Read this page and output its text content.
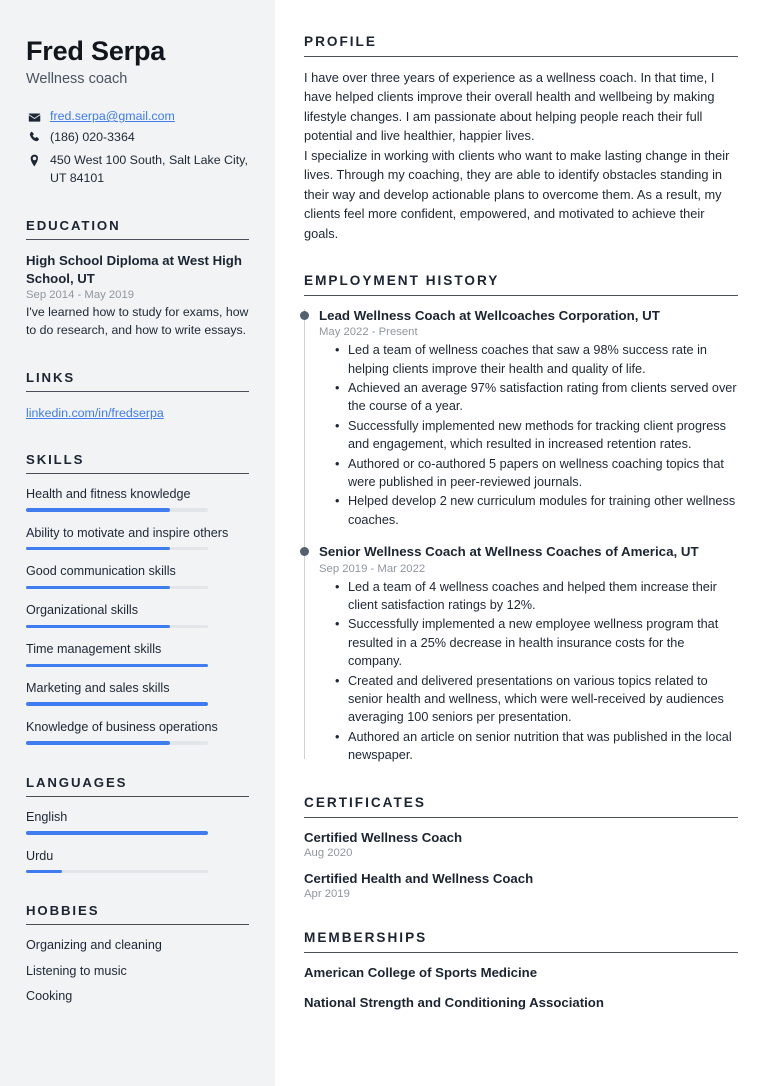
Fred Serpa
Wellness coach
fred.serpa@gmail.com
(186) 020-3364
450 West 100 South, Salt Lake City, UT 84101
EDUCATION
High School Diploma at West High School, UT
Sep 2014 - May 2019
I've learned how to study for exams, how to do research, and how to write essays.
LINKS
linkedin.com/in/fredserpa
SKILLS
Health and fitness knowledge
Ability to motivate and inspire others
Good communication skills
Organizational skills
Time management skills
Marketing and sales skills
Knowledge of business operations
LANGUAGES
English
Urdu
HOBBIES
Organizing and cleaning
Listening to music
Cooking
PROFILE

I have over three years of experience as a wellness coach. In that time, I have helped clients improve their overall health and wellbeing by making lifestyle changes. I am passionate about helping people reach their full potential and live healthier, happier lives.

I specialize in working with clients who want to make lasting change in their lives. Through my coaching, they are able to identify obstacles standing in their way and develop actionable plans to overcome them. As a result, my clients feel more confident, empowered, and motivated to achieve their goals.

EMPLOYMENT HISTORY
Lead Wellness Coach at Wellcoaches Corporation, UT
May 2022 - Present
• Led a team of wellness coaches that saw a 98% success rate in helping clients improve their health and quality of life.
• Achieved an average 97% satisfaction rating from clients served over the course of a year.
• Successfully implemented new methods for tracking client progress and engagement, which resulted in increased retention rates.
• Authored or co-authored 5 papers on wellness coaching topics that were published in peer-reviewed journals.
• Helped develop 2 new curriculum modules for training other wellness coaches.
Senior Wellness Coach at Wellness Coaches of America, UT
Sep 2019 - Mar 2022
• Led a team of 4 wellness coaches and helped them increase their client satisfaction ratings by 12%.
• Successfully implemented a new employee wellness program that resulted in a 25% decrease in health insurance costs for the company.
• Created and delivered presentations on various topics related to senior health and wellness, which were well-received by audiences averaging 100 seniors per presentation.
• Authored an article on senior nutrition that was published in the local newspaper.
CERTIFICATES
Certified Wellness Coach
Aug 2020
Certified Health and Wellness Coach
Apr 2019
MEMBERSHIPS
American College of Sports Medicine
National Strength and Conditioning Association
